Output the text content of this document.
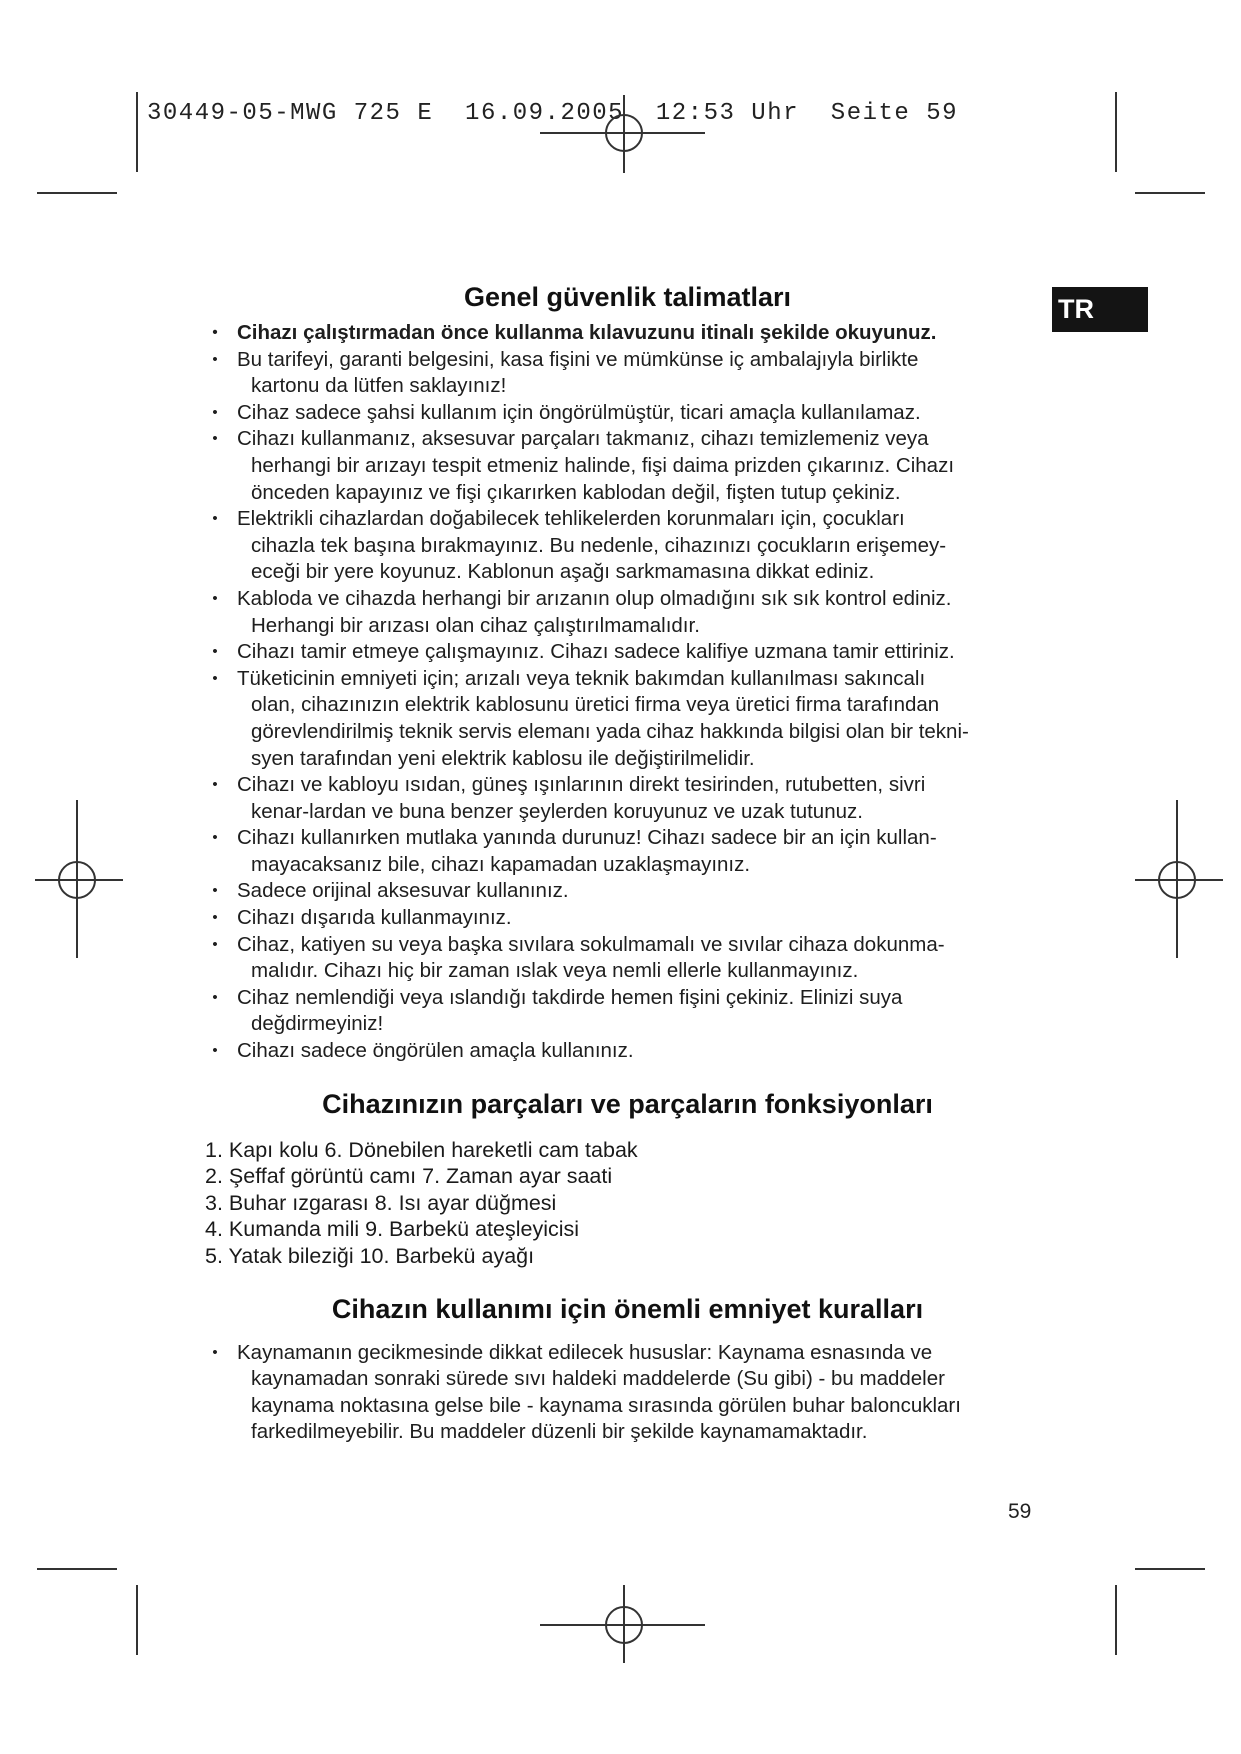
30449-05-MWG 725 E  16.09.2005  12:53 Uhr  Seite 59
TR
Genel güvenlik talimatları
• Cihazı çalıştırmadan önce kullanma kılavuzunu itinalı şekilde okuyunuz.
• Bu tarifeyi, garanti belgesini, kasa fişini ve mümkünse iç ambalajıyla birlikte
kartonu da lütfen saklayınız!
• Cihaz sadece şahsi kullanım için öngörülmüştür, ticari amaçla kullanılamaz.
• Cihazı kullanmanız, aksesuvar parçaları takmanız, cihazı temizlemeniz veya
herhangi bir arızayı tespit etmeniz halinde, fişi daima prizden çıkarınız. Cihazı
önceden kapayınız ve fişi çıkarırken kablodan değil, fişten tutup çekiniz.
• Elektrikli cihazlardan doğabilecek tehlikelerden korunmaları için, çocukları
cihazla tek başına bırakmayınız. Bu nedenle, cihazınızı çocukların erişemey-
eceği bir yere koyunuz. Kablonun aşağı sarkmamasına dikkat ediniz.
• Kabloda ve cihazda herhangi bir arızanın olup olmadığını sık sık kontrol ediniz.
Herhangi bir arızası olan cihaz çalıştırılmamalıdır.
• Cihazı tamir etmeye çalışmayınız. Cihazı sadece kalifiye uzmana tamir ettiriniz.
• Tüketicinin emniyeti için; arızalı veya teknik bakımdan kullanılması sakıncalı
olan, cihazınızın elektrik kablosunu üretici firma veya üretici firma tarafından
görevlendirilmiş teknik servis elemanı yada cihaz hakkında bilgisi olan bir tekni-
syen tarafından yeni elektrik kablosu ile değiştirilmelidir.
• Cihazı ve kabloyu ısıdan, güneş ışınlarının direkt tesirinden, rutubetten, sivri
kenar-lardan ve buna benzer şeylerden koruyunuz ve uzak tutunuz.
• Cihazı kullanırken mutlaka yanında durunuz! Cihazı sadece bir an için kullan-
mayacaksanız bile, cihazı kapamadan uzaklaşmayınız.
• Sadece orijinal aksesuvar kullanınız.
• Cihazı dışarıda kullanmayınız.
• Cihaz, katiyen su veya başka sıvılara sokulmamalı ve sıvılar cihaza dokunma-
malıdır. Cihazı hiç bir zaman ıslak veya nemli ellerle kullanmayınız.
• Cihaz nemlendiği veya ıslandığı takdirde hemen fişini çekiniz. Elinizi suya
değdirmeyiniz!
• Cihazı sadece öngörülen amaçla kullanınız.
Cihazınızın parçaları ve parçaların fonksiyonları
1. Kapı kolu 6. Dönebilen hareketli cam tabak
2. Şeffaf görüntü camı 7. Zaman ayar saati
3. Buhar ızgarası 8. Isı ayar düğmesi
4. Kumanda mili 9. Barbekü ateşleyicisi
5. Yatak bileziği 10. Barbekü ayağı
Cihazın kullanımı için önemli emniyet kuralları
• Kaynamanın gecikmesinde dikkat edilecek hususlar: Kaynama esnasında ve
kaynamadan sonraki sürede sıvı haldeki maddelerde (Su gibi) - bu maddeler
kaynama noktasına gelse bile - kaynama sırasında görülen buhar baloncukları
farkedilmeyebilir. Bu maddeler düzenli bir şekilde kaynamamaktadır.
59
